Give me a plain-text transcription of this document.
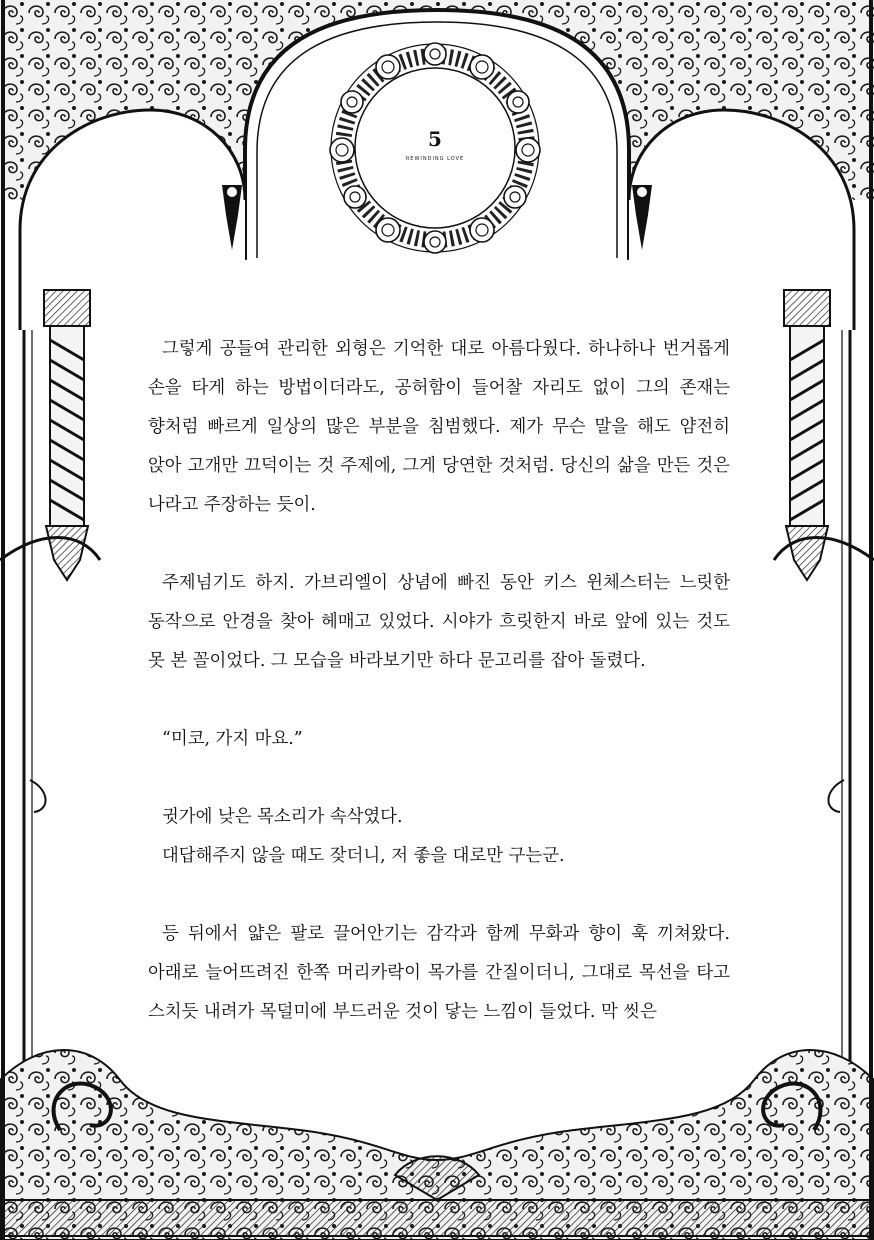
5
REWINDING LOVE

그렇게 공들여 관리한 외형은 기억한 대로 아름다웠다. 하나하나 번거롭게 손을 타게 하는 방법이더라도, 공허함이 들어찰 자리도 없이 그의 존재는 향처럼 빠르게 일상의 많은 부분을 침범했다. 제가 무슨 말을 해도 얌전히 앉아 고개만 끄덕이는 것 주제에, 그게 당연한 것처럼. 당신의 삶을 만든 것은 나라고 주장하는 듯이.

주제넘기도 하지. 가브리엘이 상념에 빠진 동안 키스 윈체스터는 느릿한 동작으로 안경을 찾아 헤매고 있었다. 시야가 흐릿한지 바로 앞에 있는 것도 못 본 꼴이었다. 그 모습을 바라보기만 하다 문고리를 잡아 돌렸다.

“미코, 가지 마요.”

귓가에 낮은 목소리가 속삭였다.

대답해주지 않을 때도 잦더니, 저 좋을 대로만 구는군.

등 뒤에서 얇은 팔로 끌어안기는 감각과 함께 무화과 향이 훅 끼쳐왔다. 아래로 늘어뜨려진 한쪽 머리카락이 목가를 간질이더니, 그대로 목선을 타고 스치듯 내려가 목덜미에 부드러운 것이 닿는 느낌이 들었다. 막 씻은
